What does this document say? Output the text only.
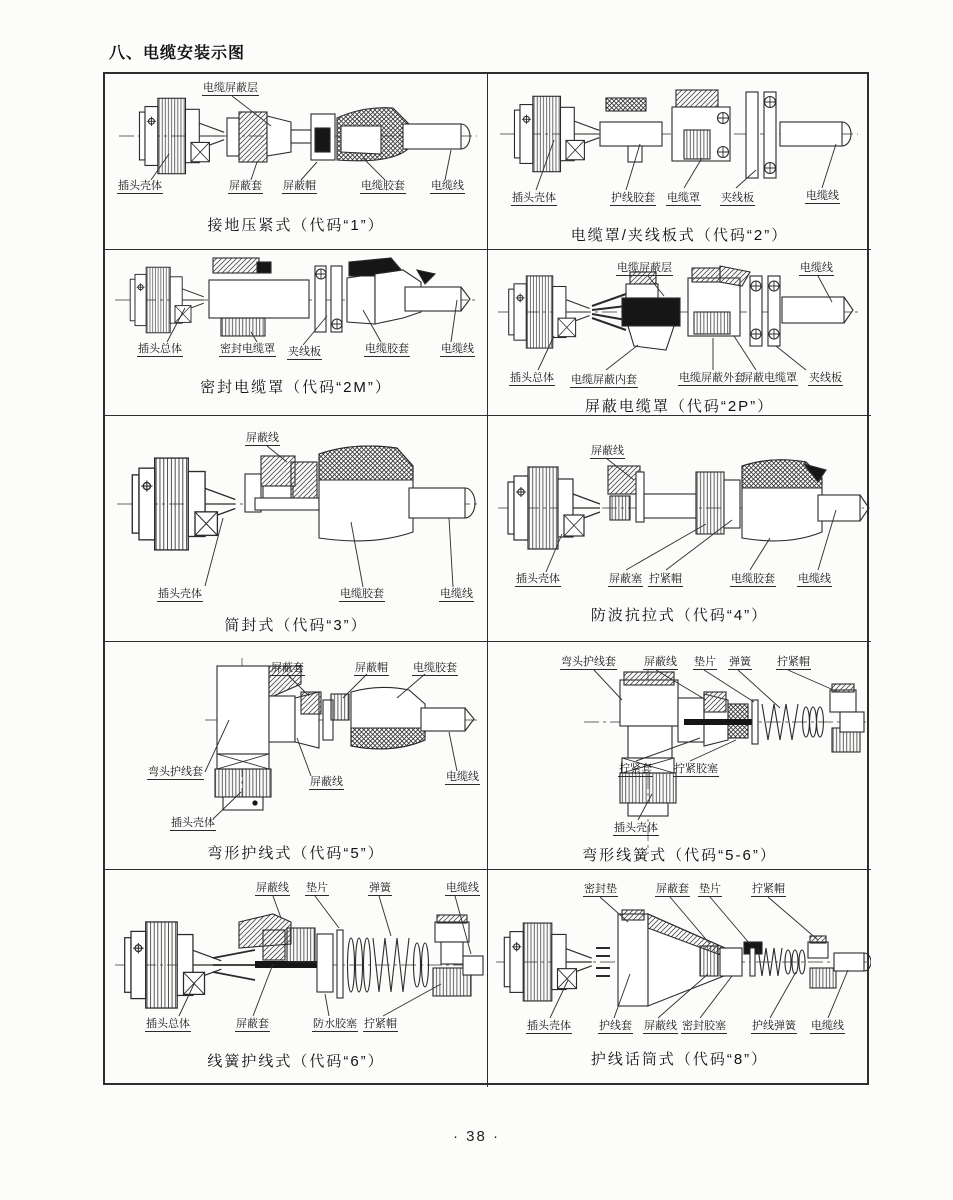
八、电缆安装示图
电缆屏蔽层
插头壳体	屏蔽套 屏蔽帽	电缆胶套 电缆线
接地压紧式（代码“1”）
插头壳体	护线胶套 电缆罩 夹线板	电缆线
电缆罩/夹线板式（代码“2”）
插头总体	密封电缆罩 夹线板	电缆胶套	电缆线
密封电缆罩（代码“2M”）
电缆屏蔽层	电缆线
插头总体 电缆屏蔽内套	电缆屏蔽外套
屏蔽电缆罩 夹线板
屏蔽电缆罩（代码“2P”）
屏蔽线
插头壳体	电缆胶套	电缆线
简封式（代码“3”）
屏蔽线
插头壳体	屏蔽塞 拧紧帽	电缆胶套 电缆线
防波抗拉式（代码“4”）
屏蔽套	屏蔽帽 电缆胶套
弯头护线套
屏蔽线	电缆线
插头壳体
弯形护线式（代码“5”）
弯头护线套	屏蔽线 垫片 弹簧 拧紧帽
拧紧套 拧紧胶塞
插头壳体
弯形线簧式（代码“5-6”）
屏蔽线 垫片	弹簧	电缆线
插头总体	屏蔽套	防水胶塞 拧紧帽
线簧护线式（代码“6”）
密封垫	屏蔽套 垫片	拧紧帽
插头壳体	护线套 屏蔽线 密封胶塞 护线弹簧 电缆线
护线话筒式（代码“8”）
· 38 ·
